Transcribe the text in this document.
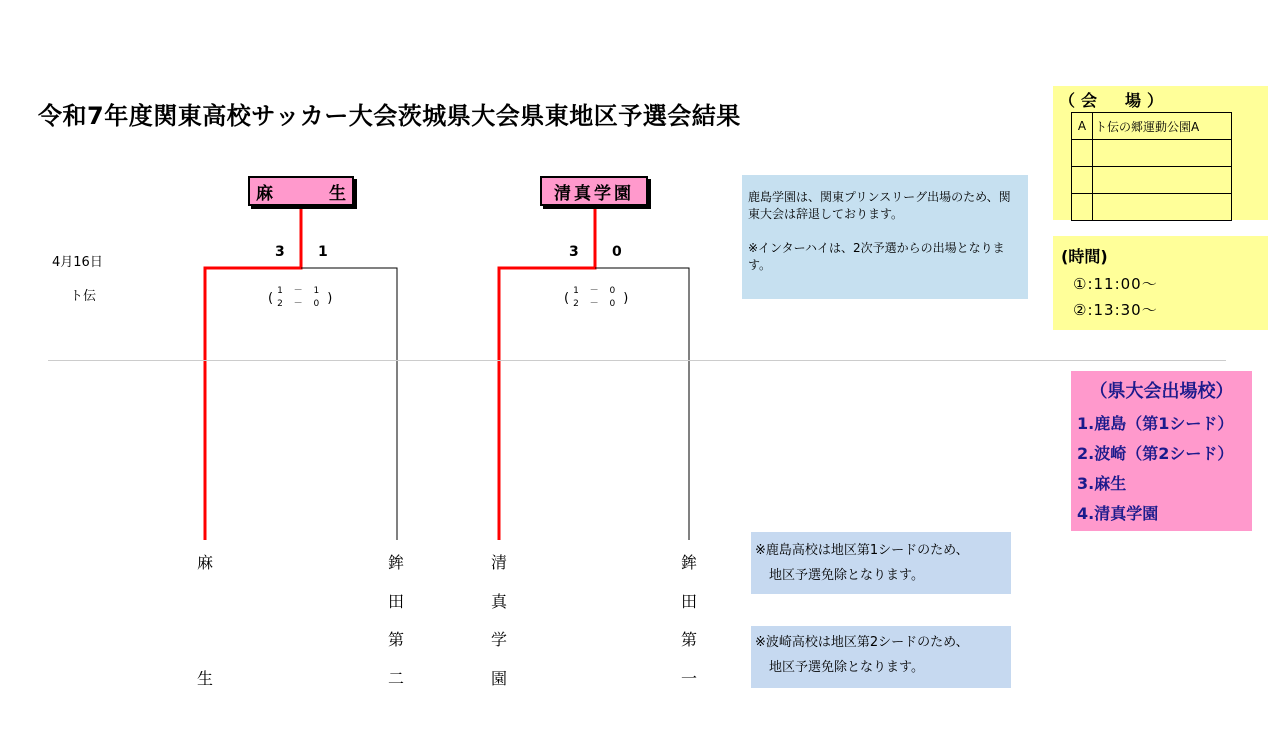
令和7年度関東高校サッカー大会茨城県大会県東地区予選会結果
麻	生	清真学園
3 1	3 0
( 1 － 1
2 － 0 )	( 1 － 0
2 － 0 )
4月16日
ト伝
麻
生
鉾
田
第
二
清
真
学
園
鉾
田
第
一

鹿島学園は、関東プリンスリーグ出場のため、関東大会は辞退しております。

※インターハイは、2次予選からの出場となります。

※鹿島高校は地区第1シードのため、
地区予選免除となります。
※波崎高校は地区第2シードのため、
地区予選免除となります。
（会　場）
A	ト伝の郷運動公園A

(時間)
①:11:00～
②:13:30～
（県大会出場校）
1.鹿島（第1シード）
2.波崎（第2シード）
3.麻生
4.清真学園
